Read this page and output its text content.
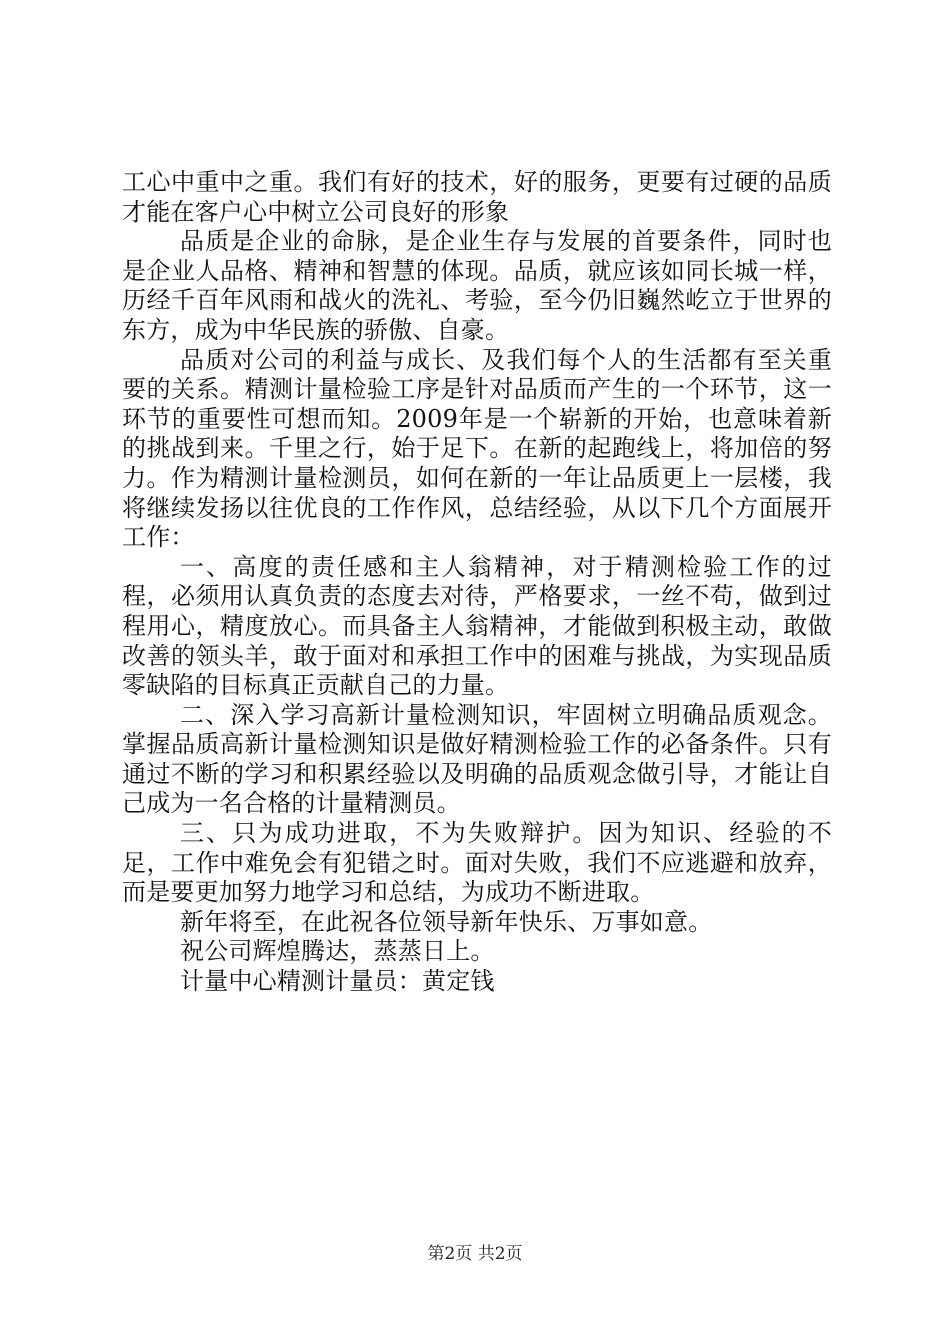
工心中重中之重。我们有好的技术，好的服务，更要有过硬的品质才能在客户心中树立公司良好的形象

品质是企业的命脉，是企业生存与发展的首要条件，同时也是企业人品格、精神和智慧的体现。品质，就应该如同长城一样，历经千百年风雨和战火的洗礼、考验，至今仍旧巍然屹立于世界的东方，成为中华民族的骄傲、自豪。

品质对公司的利益与成长、及我们每个人的生活都有至关重要的关系。精测计量检验工序是针对品质而产生的一个环节，这一环节的重要性可想而知。2009年是一个崭新的开始，也意味着新的挑战到来。千里之行，始于足下。在新的起跑线上，将加倍的努力。作为精测计量检测员，如何在新的一年让品质更上一层楼，我将继续发扬以往优良的工作作风，总结经验，从以下几个方面展开工作：

一、高度的责任感和主人翁精神，对于精测检验工作的过程，必须用认真负责的态度去对待，严格要求，一丝不苟，做到过程用心，精度放心。而具备主人翁精神，才能做到积极主动，敢做改善的领头羊，敢于面对和承担工作中的困难与挑战，为实现品质零缺陷的目标真正贡献自己的力量。

二、深入学习高新计量检测知识，牢固树立明确品质观念。掌握品质高新计量检测知识是做好精测检验工作的必备条件。只有通过不断的学习和积累经验以及明确的品质观念做引导，才能让自己成为一名合格的计量精测员。

三、只为成功进取，不为失败辩护。因为知识、经验的不足，工作中难免会有犯错之时。面对失败，我们不应逃避和放弃，而是要更加努力地学习和总结，为成功不断进取。

新年将至，在此祝各位领导新年快乐、万事如意。

祝公司辉煌腾达，蒸蒸日上。

计量中心精测计量员：黄定钱

第2页 共2页
